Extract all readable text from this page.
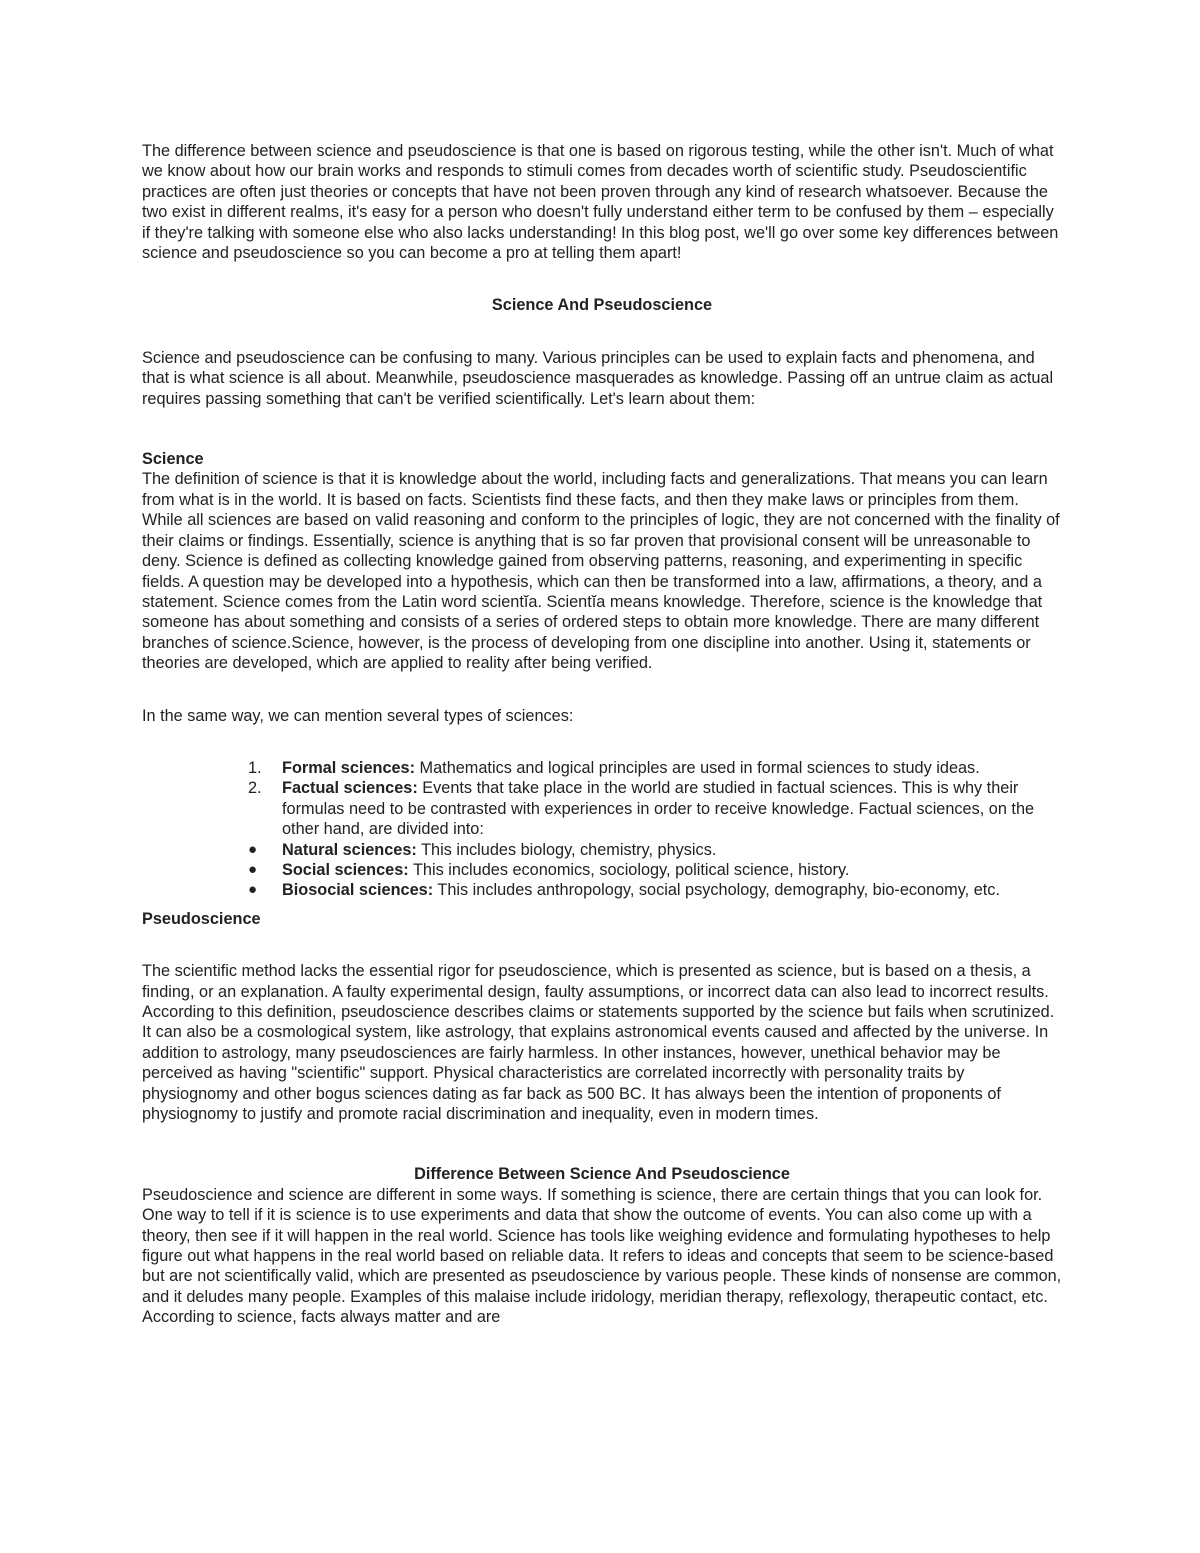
The difference between science and pseudoscience is that one is based on rigorous testing, while the other isn't. Much of what we know about how our brain works and responds to stimuli comes from decades worth of scientific study. Pseudoscientific practices are often just theories or concepts that have not been proven through any kind of research whatsoever. Because the two exist in different realms, it's easy for a person who doesn't fully understand either term to be confused by them – especially if they're talking with someone else who also lacks understanding! In this blog post, we'll go over some key differences between science and pseudoscience so you can become a pro at telling them apart!

Science And Pseudoscience

Science and pseudoscience can be confusing to many. Various principles can be used to explain facts and phenomena, and that is what science is all about. Meanwhile, pseudoscience masquerades as knowledge. Passing off an untrue claim as actual requires passing something that can't be verified scientifically. Let's learn about them:

Science

The definition of science is that it is knowledge about the world, including facts and generalizations. That means you can learn from what is in the world. It is based on facts. Scientists find these facts, and then they make laws or principles from them. While all sciences are based on valid reasoning and conform to the principles of logic, they are not concerned with the finality of their claims or findings. Essentially, science is anything that is so far proven that provisional consent will be unreasonable to deny. Science is defined as collecting knowledge gained from observing patterns, reasoning, and experimenting in specific fields. A question may be developed into a hypothesis, which can then be transformed into a law, affirmations, a theory, and a statement. Science comes from the Latin word scientĭa. Scientĭa means knowledge. Therefore, science is the knowledge that someone has about something and consists of a series of ordered steps to obtain more knowledge. There are many different branches of science.Science, however, is the process of developing from one discipline into another. Using it, statements or theories are developed, which are applied to reality after being verified.

In the same way, we can mention several types of sciences:

1.	Formal sciences: Mathematics and logical principles are used in formal sciences to study ideas.
2.	Factual sciences: Events that take place in the world are studied in factual sciences. This is why their formulas need to be contrasted with experiences in order to receive knowledge. Factual sciences, on the other hand, are divided into:
●	Natural sciences: This includes biology, chemistry, physics.
●	Social sciences: This includes economics, sociology, political science, history.
●	Biosocial sciences: This includes anthropology, social psychology, demography, bio-economy, etc.
Pseudoscience

The scientific method lacks the essential rigor for pseudoscience, which is presented as science, but is based on a thesis, a finding, or an explanation. A faulty experimental design, faulty assumptions, or incorrect data can also lead to incorrect results. According to this definition, pseudoscience describes claims or statements supported by the science but fails when scrutinized. It can also be a cosmological system, like astrology, that explains astronomical events caused and affected by the universe. In addition to astrology, many pseudosciences are fairly harmless. In other instances, however, unethical behavior may be perceived as having "scientific" support. Physical characteristics are correlated incorrectly with personality traits by physiognomy and other bogus sciences dating as far back as 500 BC. It has always been the intention of proponents of physiognomy to justify and promote racial discrimination and inequality, even in modern times.

Difference Between Science And Pseudoscience

Pseudoscience and science are different in some ways. If something is science, there are certain things that you can look for. One way to tell if it is science is to use experiments and data that show the outcome of events. You can also come up with a theory, then see if it will happen in the real world. Science has tools like weighing evidence and formulating hypotheses to help figure out what happens in the real world based on reliable data. It refers to ideas and concepts that seem to be science-based but are not scientifically valid, which are presented as pseudoscience by various people. These kinds of nonsense are common, and it deludes many people. Examples of this malaise include iridology, meridian therapy, reflexology, therapeutic contact, etc. According to science, facts always matter and are
